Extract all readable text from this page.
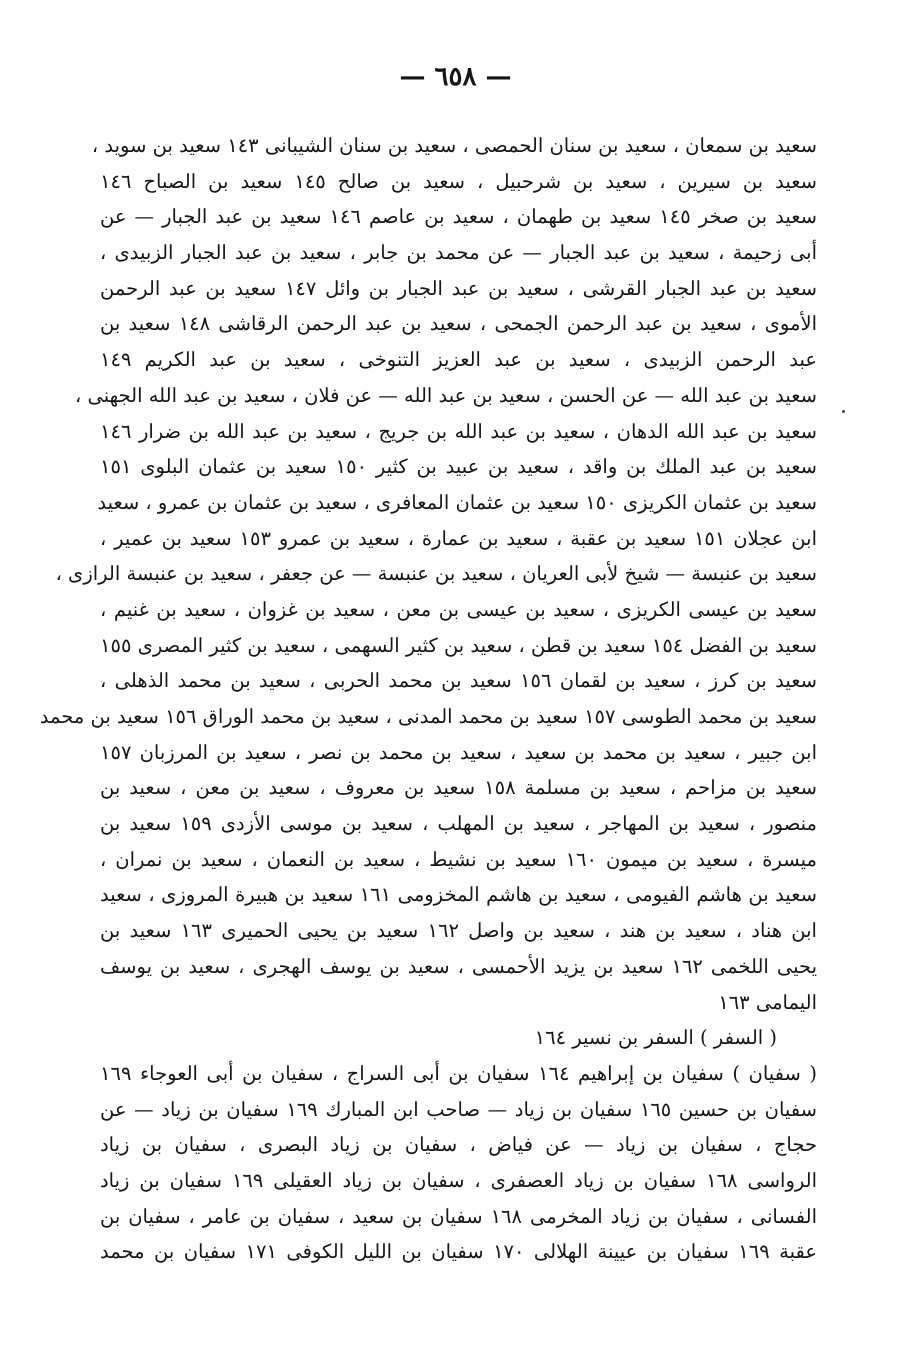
— ٦٥٨ —
سعيد بن سمعان ، سعيد بن سنان الحمصى ، سعيد بن سنان الشيبانى ١٤٣ سعيد بن سويد ،
سعيد بن سيرين ، سعيد بن شرحبيل ، سعيد بن صالح ١٤٥ سعيد بن الصباح ١٤٦
سعيد بن صخر ١٤٥ سعيد بن طهمان ، سعيد بن عاصم ١٤٦ سعيد بن عبد الجبار — عن
أبى زحيمة ، سعيد بن عبد الجبار — عن محمد بن جابر ، سعيد بن عبد الجبار الزبيدى ،
سعيد بن عبد الجبار القرشى ، سعيد بن عبد الجبار بن وائل ١٤٧ سعيد بن عبد الرحمن
الأموى ، سعيد بن عبد الرحمن الجمحى ، سعيد بن عبد الرحمن الرقاشى ١٤٨ سعيد بن
عبد الرحمن الزبيدى ، سعيد بن عبد العزيز التنوخى ، سعيد بن عبد الكريم ١٤٩
سعيد بن عبد الله — عن الحسن ، سعيد بن عبد الله — عن فلان ، سعيد بن عبد الله الجهنى ،
سعيد بن عبد الله الدهان ، سعيد بن عبد الله بن جريج ، سعيد بن عبد الله بن ضرار ١٤٦
سعيد بن عبد الملك بن واقد ، سعيد بن عبيد بن كثير ١٥٠ سعيد بن عثمان البلوى ١٥١
سعيد بن عثمان الكريزى ١٥٠ سعيد بن عثمان المعافرى ، سعيد بن عثمان بن عمرو ، سعيد
ابن عجلان ١٥١ سعيد بن عقبة ، سعيد بن عمارة ، سعيد بن عمرو ١٥٣ سعيد بن عمير ،
سعيد بن عنبسة — شيخ لأبى العريان ، سعيد بن عنبسة — عن جعفر ، سعيد بن عنبسة الرازى ،
سعيد بن عيسى الكريزى ، سعيد بن عيسى بن معن ، سعيد بن غزوان ، سعيد بن غنيم ،
سعيد بن الفضل ١٥٤ سعيد بن قطن ، سعيد بن كثير السهمى ، سعيد بن كثير المصرى ١٥٥
سعيد بن كرز ، سعيد بن لقمان ١٥٦ سعيد بن محمد الحربى ، سعيد بن محمد الذهلى ،
سعيد بن محمد الطوسى ١٥٧ سعيد بن محمد المدنى ، سعيد بن محمد الوراق ١٥٦ سعيد بن محمد
ابن جبير ، سعيد بن محمد بن سعيد ، سعيد بن محمد بن نصر ، سعيد بن المرزبان ١٥٧
سعيد بن مزاحم ، سعيد بن مسلمة ١٥٨ سعيد بن معروف ، سعيد بن معن ، سعيد بن
منصور ، سعيد بن المهاجر ، سعيد بن المهلب ، سعيد بن موسى الأزدى ١٥٩ سعيد بن
ميسرة ، سعيد بن ميمون ١٦٠ سعيد بن نشيط ، سعيد بن النعمان ، سعيد بن نمران ،
سعيد بن هاشم الفيومى ، سعيد بن هاشم المخزومى ١٦١ سعيد بن هبيرة المروزى ، سعيد
ابن هناد ، سعيد بن هند ، سعيد بن واصل ١٦٢ سعيد بن يحيى الحميرى ١٦٣ سعيد بن
يحيى اللخمى ١٦٢ سعيد بن يزيد الأحمسى ، سعيد بن يوسف الهجرى ، سعيد بن يوسف
اليمامى ١٦٣
( السفر ) السفر بن نسير ١٦٤
( سفيان ) سفيان بن إبراهيم ١٦٤ سفيان بن أبى السراج ، سفيان بن أبى العوجاء ١٦٩
سفيان بن حسين ١٦٥ سفيان بن زياد — صاحب ابن المبارك ١٦٩ سفيان بن زياد — عن
حجاج ، سفيان بن زياد — عن فياض ، سفيان بن زياد البصرى ، سفيان بن زياد
الرواسى ١٦٨ سفيان بن زياد العصفرى ، سفيان بن زياد العقيلى ١٦٩ سفيان بن زياد
الفسانى ، سفيان بن زياد المخرمى ١٦٨ سفيان بن سعيد ، سفيان بن عامر ، سفيان بن
عقبة ١٦٩ سفيان بن عيينة الهلالى ١٧٠ سفيان بن الليل الكوفى ١٧١ سفيان بن محمد
